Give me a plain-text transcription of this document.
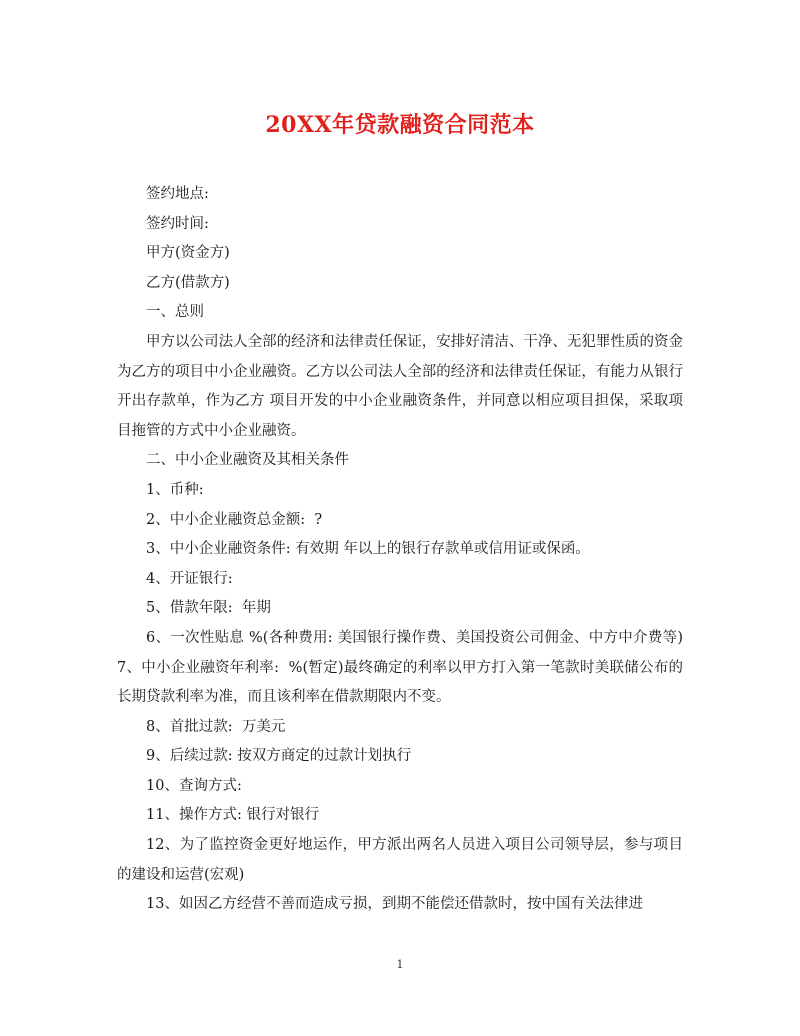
20XX年贷款融资合同范本

签约地点:

签约时间:

甲方(资金方)

乙方(借款方)

一、总则

甲方以公司法人全部的经济和法律责任保证，安排好清洁、干净、无犯罪性质的资金为乙方的项目中小企业融资。乙方以公司法人全部的经济和法律责任保证，有能力从银行开出存款单，作为乙方 项目开发的中小企业融资条件，并同意以相应项目担保，采取项目拖管的方式中小企业融资。

二、中小企业融资及其相关条件

1、币种:

2、中小企业融资总金额:  ?

3、中小企业融资条件: 有效期 年以上的银行存款单或信用证或保函。

4、开证银行:

5、借款年限:  年期

6、一次性贴息 %(各种费用: 美国银行操作费、美国投资公司佣金、中方中介费等) 7、中小企业融资年利率:  %(暂定)最终确定的利率以甲方打入第一笔款时美联储公布的长期贷款利率为准，而且该利率在借款期限内不变。

8、首批过款:  万美元

9、后续过款: 按双方商定的过款计划执行

10、查询方式:

11、操作方式: 银行对银行

12、为了监控资金更好地运作，甲方派出两名人员进入项目公司领导层，参与项目的建设和运营(宏观)

13、如因乙方经营不善而造成亏损，到期不能偿还借款时，按中国有关法律进

1
